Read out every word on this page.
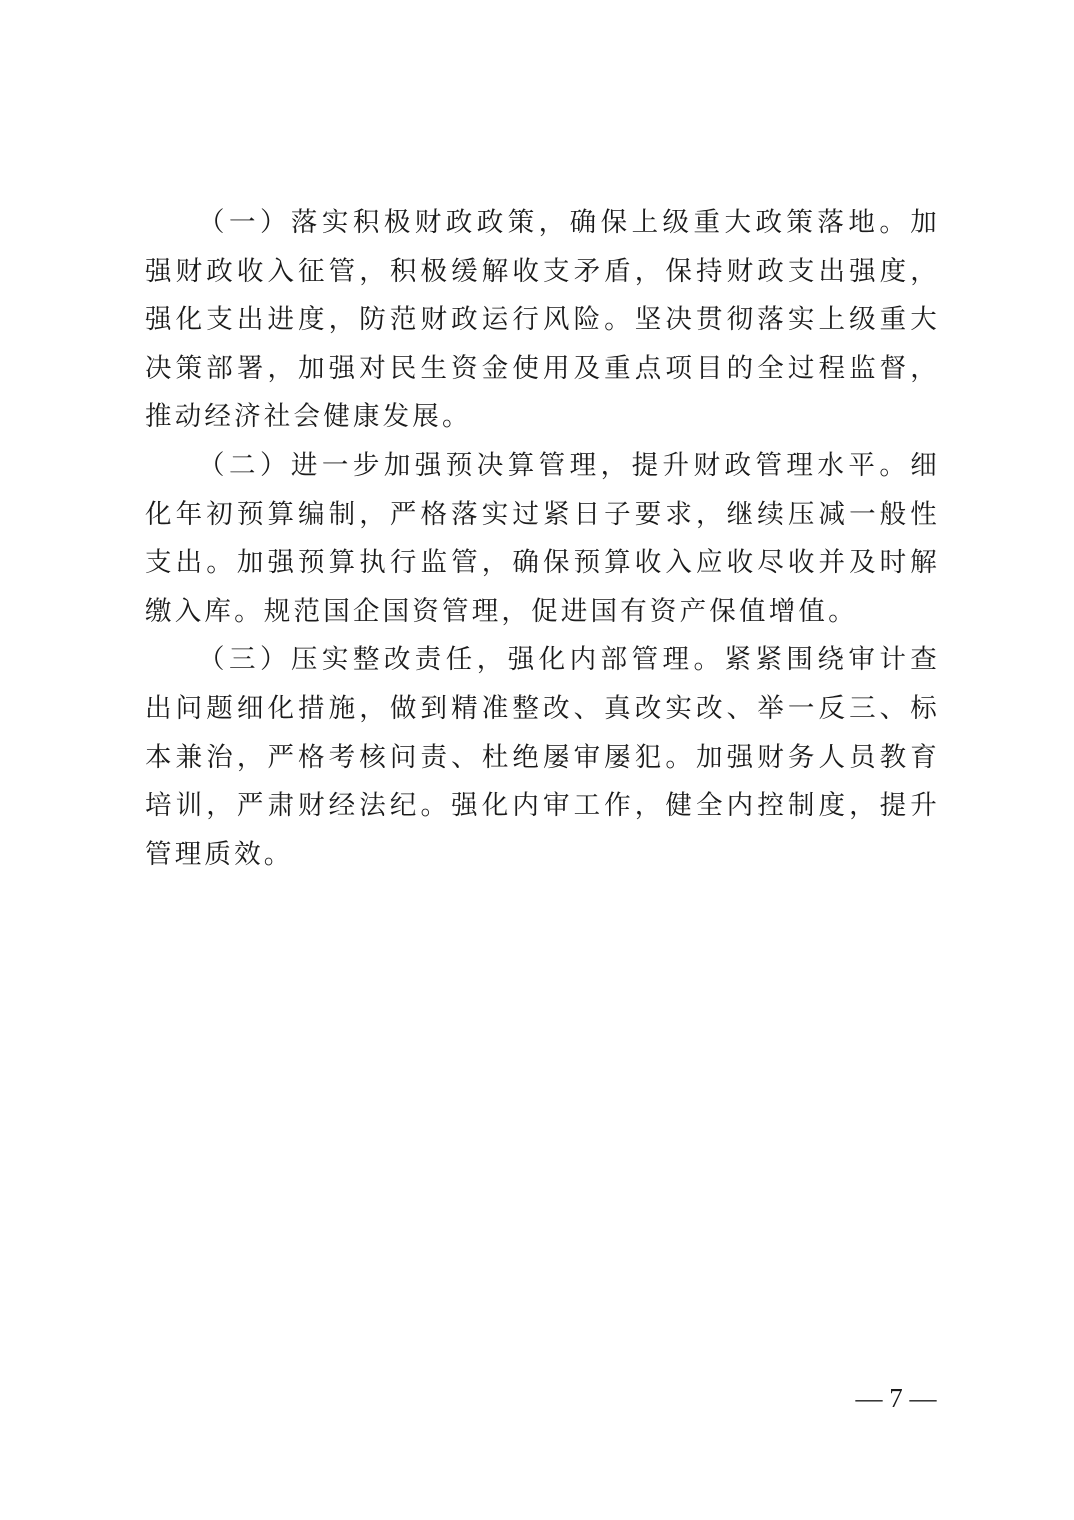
（一）落实积极财政政策，确保上级重大政策落地。加强财政收入征管，积极缓解收支矛盾，保持财政支出强度，强化支出进度，防范财政运行风险。坚决贯彻落实上级重大决策部署，加强对民生资金使用及重点项目的全过程监督，推动经济社会健康发展。

（二）进一步加强预决算管理，提升财政管理水平。细化年初预算编制，严格落实过紧日子要求，继续压减一般性支出。加强预算执行监管，确保预算收入应收尽收并及时解缴入库。规范国企国资管理，促进国有资产保值增值。

（三）压实整改责任，强化内部管理。紧紧围绕审计查出问题细化措施，做到精准整改、真改实改、举一反三、标本兼治，严格考核问责、杜绝屡审屡犯。加强财务人员教育培训，严肃财经法纪。强化内审工作，健全内控制度，提升管理质效。

— 7 —
